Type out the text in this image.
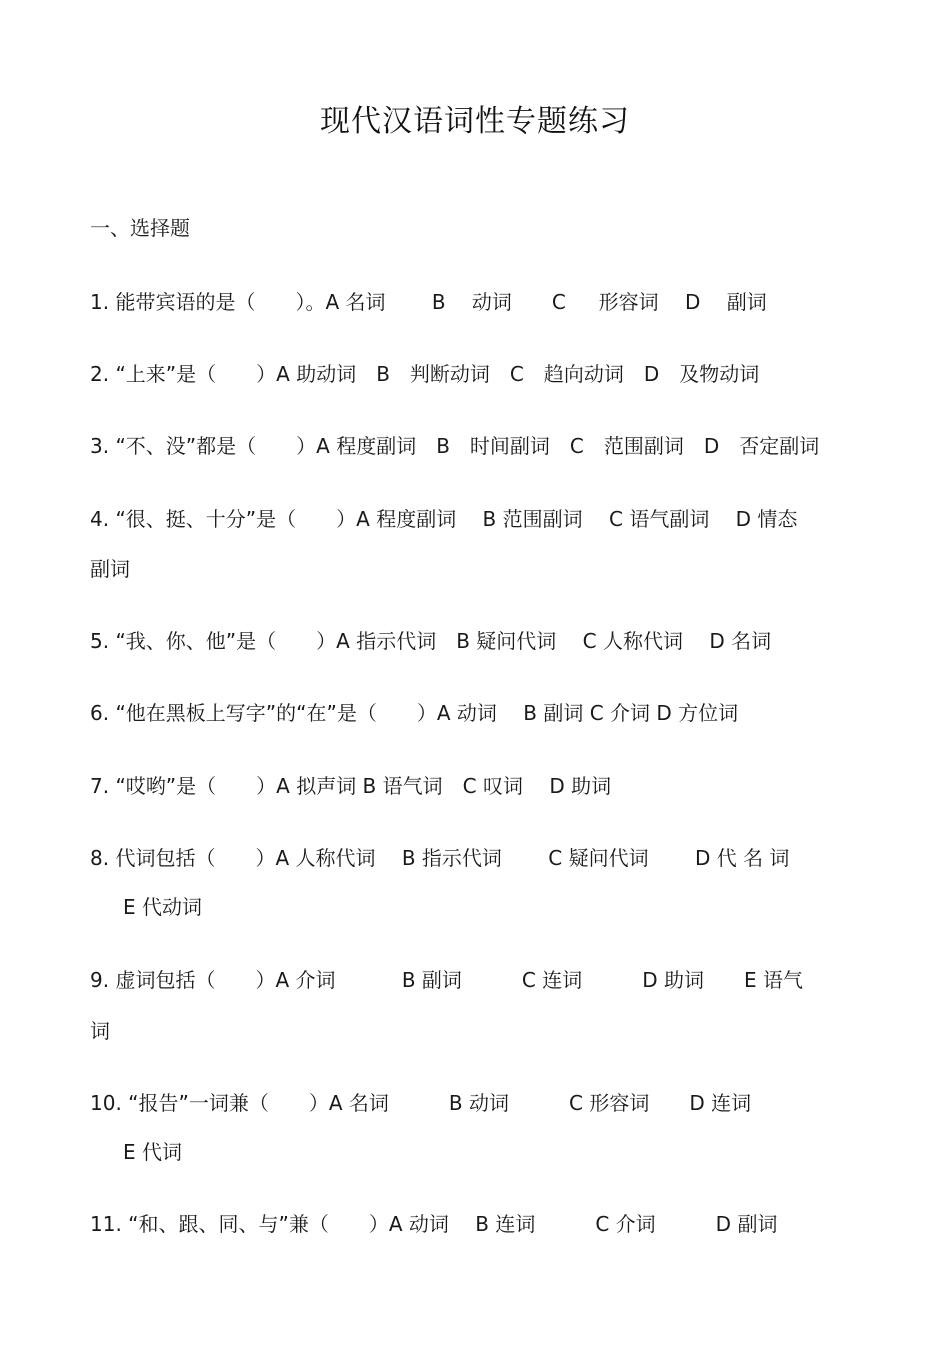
现代汉语词性专题练习
一、选择题
1. 能带宾语的是（　　）。A 名词　 　B　 动词　　C　  形容词　 D　 副词
2. “上来”是（　　）A 助动词　B　判断动词　C　趋向动词　D　及物动词
3. “不、没”都是（　　）A 程度副词　B　时间副词　C　范围副词　D　否定副词
4. “很、挺、十分”是（　　）A 程度副词　 B 范围副词　 C 语气副词　 D 情态
副词
5. “我、你、他”是（　　）A 指示代词　B 疑问代词　 C 人称代词　 D 名词
6. “他在黑板上写字”的“在”是（　　）A 动词　 B 副词 C 介词 D 方位词
7. “哎哟”是（　　）A 拟声词 B 语气词　C 叹词　 D 助词
8. 代词包括（　　）A 人称代词　 B 指示代词　　 C 疑问代词　　 D 代 名 词
E 代动词
9. 虚词包括（　　）A 介词　　　 B 副词　　　C 连词　　　D 助词　　E 语气
词
10. “报告”一词兼（　　）A 名词　　　B 动词　　　C 形容词　　D 连词
E 代词
11. “和、跟、同、与”兼（　　）A 动词　 B 连词　　　C 介词　　　D 副词
